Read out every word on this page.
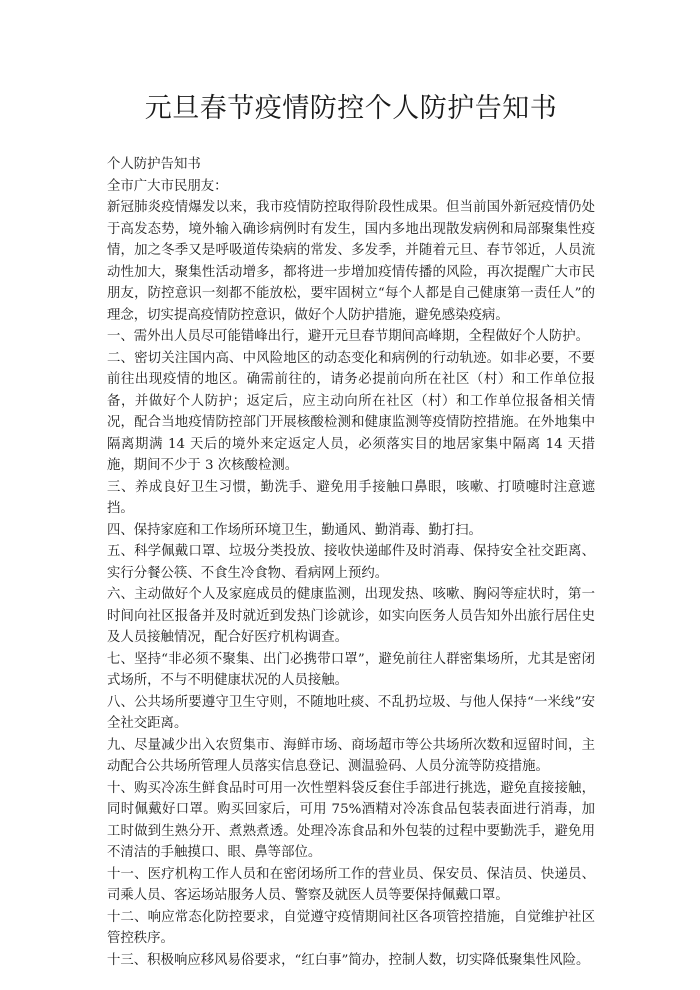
元旦春节疫情防控个人防护告知书

个人防护告知书

全市广大市民朋友：

新冠肺炎疫情爆发以来，我市疫情防控取得阶段性成果。但当前国外新冠疫情仍处于高发态势，境外输入确诊病例时有发生，国内多地出现散发病例和局部聚集性疫情，加之冬季又是呼吸道传染病的常发、多发季，并随着元旦、春节邻近，人员流动性加大，聚集性活动增多，都将进一步增加疫情传播的风险，再次提醒广大市民朋友，防控意识一刻都不能放松，要牢固树立“每个人都是自己健康第一责任人”的理念，切实提高疫情防控意识，做好个人防护措施，避免感染疫病。

一、需外出人员尽可能错峰出行，避开元旦春节期间高峰期，全程做好个人防护。

二、密切关注国内高、中风险地区的动态变化和病例的行动轨迹。如非必要，不要前往出现疫情的地区。确需前往的，请务必提前向所在社区（村）和工作单位报备，并做好个人防护；返定后，应主动向所在社区（村）和工作单位报备相关情况，配合当地疫情防控部门开展核酸检测和健康监测等疫情防控措施。在外地集中隔离期满 14 天后的境外来定返定人员，必须落实目的地居家集中隔离 14 天措施，期间不少于 3 次核酸检测。

三、养成良好卫生习惯，勤洗手、避免用手接触口鼻眼，咳嗽、打喷嚏时注意遮挡。

四、保持家庭和工作场所环境卫生，勤通风、勤消毒、勤打扫。

五、科学佩戴口罩、垃圾分类投放、接收快递邮件及时消毒、保持安全社交距离、实行分餐公筷、不食生冷食物、看病网上预约。

六、主动做好个人及家庭成员的健康监测，出现发热、咳嗽、胸闷等症状时，第一时间向社区报备并及时就近到发热门诊就诊，如实向医务人员告知外出旅行居住史及人员接触情况，配合好医疗机构调查。

七、坚持“非必须不聚集、出门必携带口罩”，避免前往人群密集场所，尤其是密闭式场所，不与不明健康状况的人员接触。

八、公共场所要遵守卫生守则，不随地吐痰、不乱扔垃圾、与他人保持“一米线”安全社交距离。

九、尽量减少出入农贸集市、海鲜市场、商场超市等公共场所次数和逗留时间，主动配合公共场所管理人员落实信息登记、测温验码、人员分流等防疫措施。

十、购买冷冻生鲜食品时可用一次性塑料袋反套住手部进行挑选，避免直接接触，同时佩戴好口罩。购买回家后，可用 75%酒精对冷冻食品包装表面进行消毒，加工时做到生熟分开、煮熟煮透。处理冷冻食品和外包装的过程中要勤洗手，避免用不清洁的手触摸口、眼、鼻等部位。

十一、医疗机构工作人员和在密闭场所工作的营业员、保安员、保洁员、快递员、司乘人员、客运场站服务人员、警察及就医人员等要保持佩戴口罩。

十二、响应常态化防控要求，自觉遵守疫情期间社区各项管控措施，自觉维护社区管控秩序。

十三、积极响应移风易俗要求，“红白事”简办，控制人数，切实降低聚集性风险。
